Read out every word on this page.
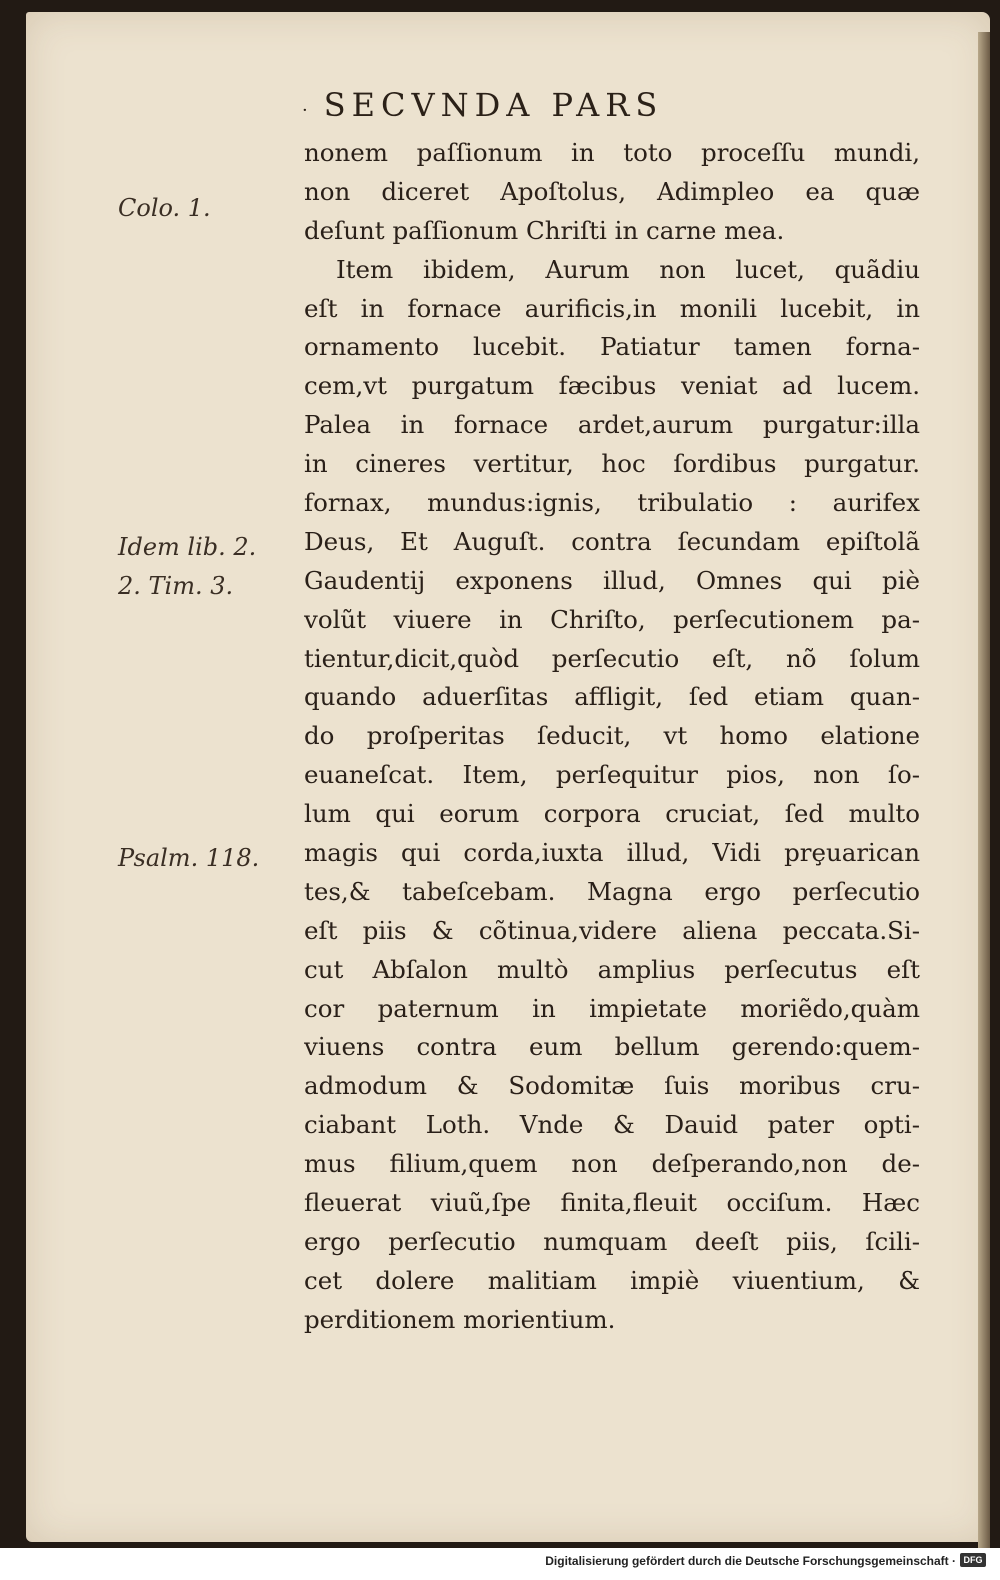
· SECVNDA PARS
Colo. 1.
Idem lib. 2.
2. Tim. 3.
Psalm. 118.
nonem paſſionum in toto proceſſu mundi,
non diceret Apoſtolus, Adimpleo ea quæ
deſunt paſſionum Chriſti in carne mea.
Item ibidem, Aurum non lucet, quãdiu
eſt in fornace aurificis,in monili lucebit, in
ornamento lucebit. Patiatur tamen forna-
cem,vt purgatum fæcibus veniat ad lucem.
Palea in fornace ardet,aurum purgatur:illa
in cineres vertitur, hoc ſordibus purgatur.
fornax, mundus:ignis, tribulatio : aurifex
Deus, Et Auguſt. contra ſecundam epiſtolã
Gaudentij exponens illud, Omnes qui piè
volũt viuere in Chriſto, perſecutionem pa-
tientur,dicit,quòd perſecutio eſt, nõ ſolum
quando aduerſitas affligit, ſed etiam quan-
do proſperitas ſeducit, vt homo elatione
euaneſcat. Item, perſequitur pios, non ſo-
lum qui eorum corpora cruciat, ſed multo
magis qui corda,iuxta illud, Vidi prȩuarican
tes,& tabeſcebam. Magna ergo perſecutio
eſt piis & cõtinua,videre aliena peccata.Si-
cut Abſalon multò amplius perſecutus eſt
cor paternum in impietate moriẽdo,quàm
viuens contra eum bellum gerendo:quem-
admodum & Sodomitæ ſuis moribus cru-
ciabant Loth. Vnde & Dauid pater opti-
mus filium,quem non deſperando,non de-
fleuerat viuũ,ſpe finita,fleuit occiſum. Hæc
ergo perſecutio numquam deeſt piis, ſcili-
cet dolere malitiam impiè viuentium, &
perditionem morientium.
Digitalisierung gefördert durch die Deutsche Forschungsgemeinschaft · DFG
